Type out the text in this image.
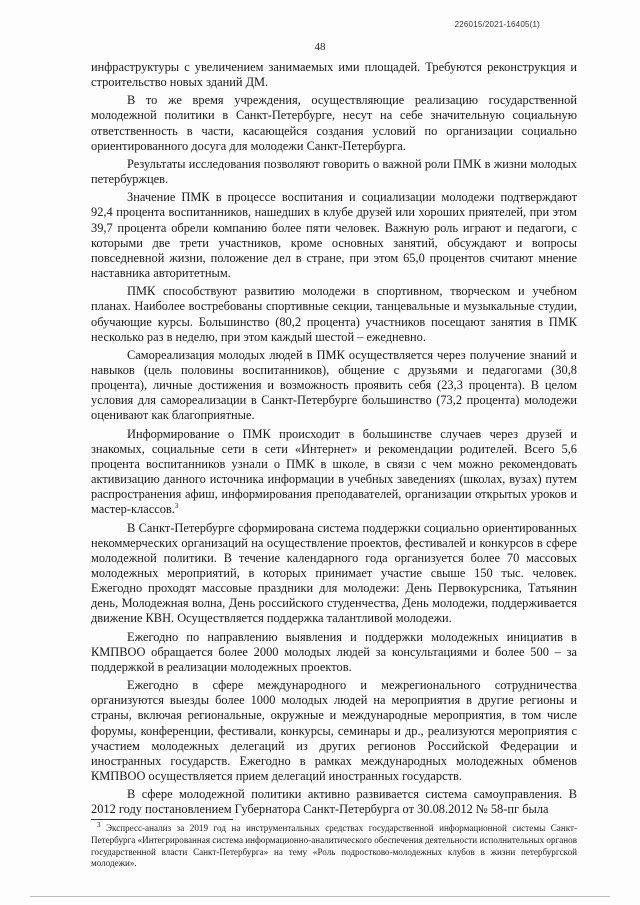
226015/2021-16405(1)
48

инфраструктуры с увеличением занимаемых ими площадей. Требуются реконструкция и строительство новых зданий ДМ.

В то же время учреждения, осуществляющие реализацию государственной молодежной политики в Санкт-Петербурге, несут на себе значительную социальную ответственность в части, касающейся создания условий по организации социально ориентированного досуга для молодежи Санкт-Петербурга.

Результаты исследования позволяют говорить о важной роли ПМК в жизни молодых петербуржцев.

Значение ПМК в процессе воспитания и социализации молодежи подтверждают 92,4 процента воспитанников, нашедших в клубе друзей или хороших приятелей, при этом 39,7 процента обрели компанию более пяти человек. Важную роль играют и педагоги, с которыми две трети участников, кроме основных занятий, обсуждают и вопросы повседневной жизни, положение дел в стране, при этом 65,0 процентов считают мнение наставника авторитетным.

ПМК способствуют развитию молодежи в спортивном, творческом и учебном планах. Наиболее востребованы спортивные секции, танцевальные и музыкальные студии, обучающие курсы. Большинство (80,2 процента) участников посещают занятия в ПМК несколько раз в неделю, при этом каждый шестой – ежедневно.

Самореализация молодых людей в ПМК осуществляется через получение знаний и навыков (цель половины воспитанников), общение с друзьями и педагогами (30,8 процента), личные достижения и возможность проявить себя (23,3 процента). В целом условия для самореализации в Санкт-Петербурге большинство (73,2 процента) молодежи оценивают как благоприятные.

Информирование о ПМК происходит в большинстве случаев через друзей и знакомых, социальные сети в сети «Интернет» и рекомендации родителей. Всего 5,6 процента воспитанников узнали о ПМК в школе, в связи с чем можно рекомендовать активизацию данного источника информации в учебных заведениях (школах, вузах) путем распространения афиш, информирования преподавателей, организации открытых уроков и мастер-классов.$^3$

В Санкт-Петербурге сформирована система поддержки социально ориентированных некоммерческих организаций на осуществление проектов, фестивалей и конкурсов в сфере молодежной политики. В течение календарного года организуется более 70 массовых молодежных мероприятий, в которых принимает участие свыше 150 тыс. человек. Ежегодно проходят массовые праздники для молодежи: День Первокурсника, Татьянин день, Молодежная волна, День российского студенчества, День молодежи, поддерживается движение КВН. Осуществляется поддержка талантливой молодежи.

Ежегодно по направлению выявления и поддержки молодежных инициатив в КМПВОО обращается более 2000 молодых людей за консультациями и более 500 – за поддержкой в реализации молодежных проектов.

Ежегодно в сфере международного и межрегионального сотрудничества организуются выезды более 1000 молодых людей на мероприятия в другие регионы и страны, включая региональные, окружные и международные мероприятия, в том числе форумы, конференции, фестивали, конкурсы, семинары и др., реализуются мероприятия с участием молодежных делегаций из других регионов Российской Федерации и иностранных государств. Ежегодно в рамках международных молодежных обменов КМПВОО осуществляется прием делегаций иностранных государств.

В сфере молодежной политики активно развивается система самоуправления. В 2012 году постановлением Губернатора Санкт-Петербурга от 30.08.2012 № 58-пг была

$^3$ Экспресс-анализ за 2019 год на инструментальных средствах государственной информационной системы Санкт-Петербурга «Интегрированная система информационно-аналитического обеспечения деятельности исполнительных органов государственной власти Санкт-Петербурга» на тему «Роль подростково-молодежных клубов в жизни петербургской молодежи».
